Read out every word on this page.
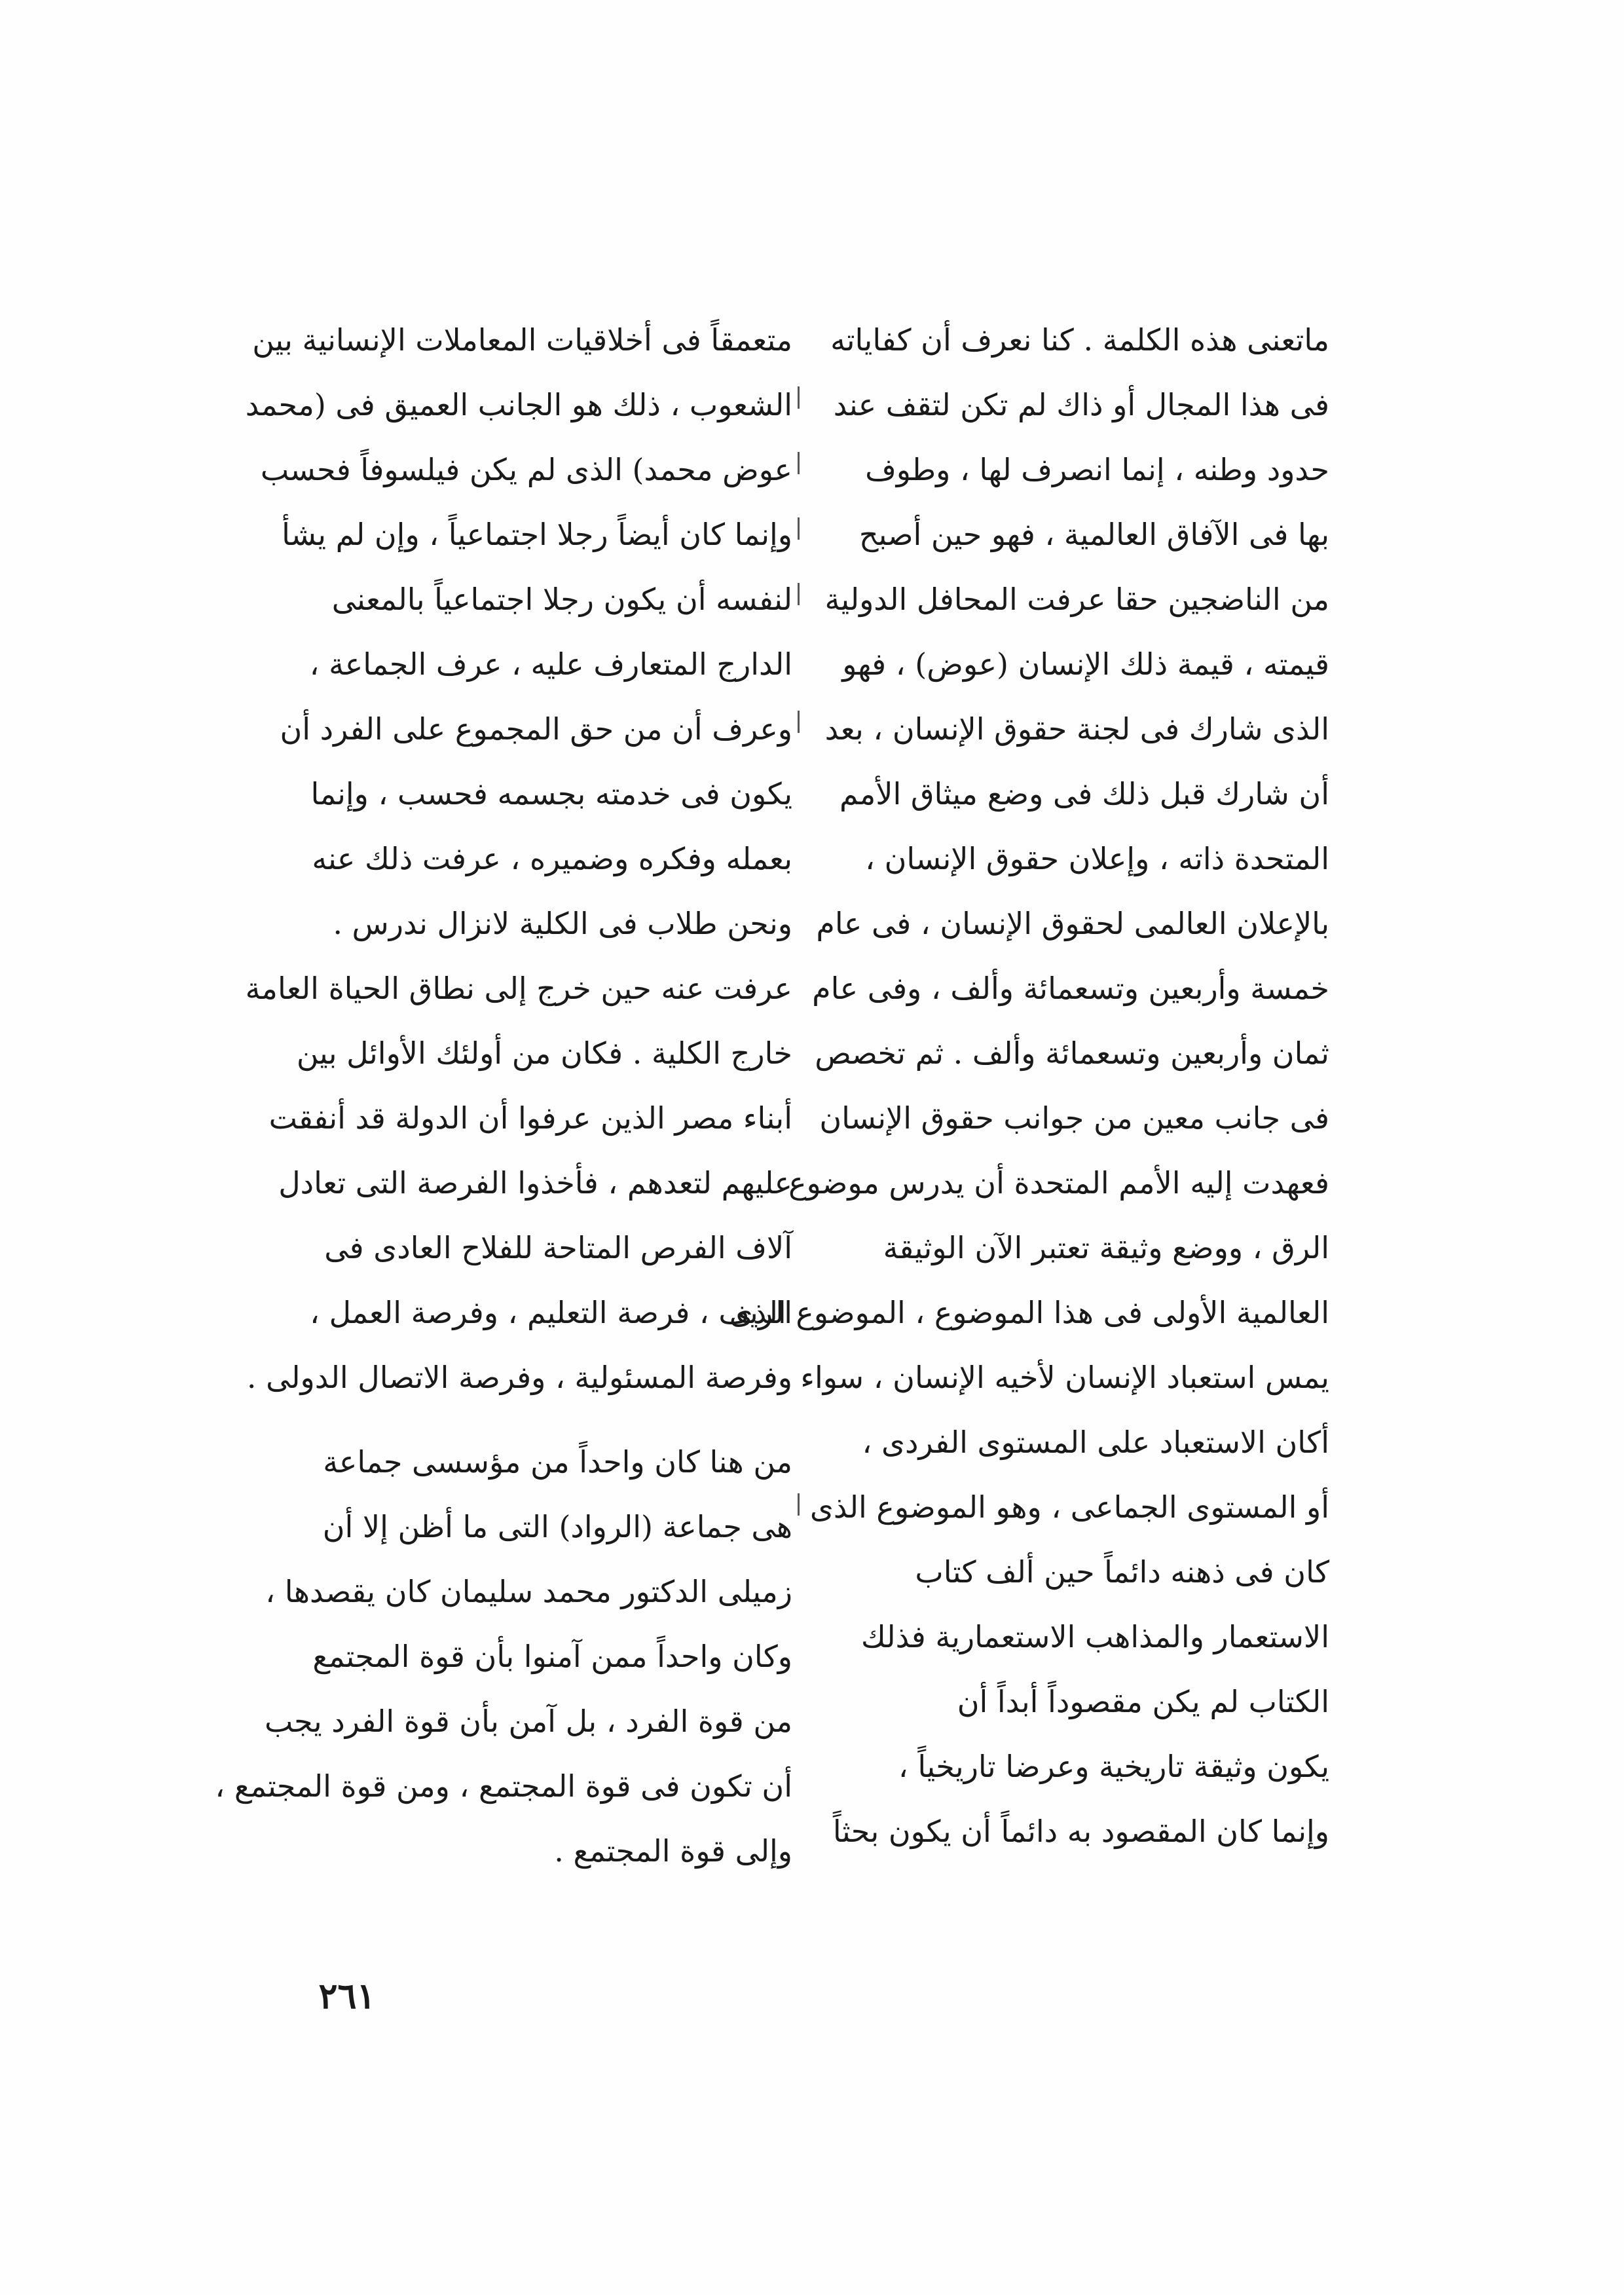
ماتعنى هذه الكلمة . كنا نعرف أن كفاياته
فى هذا المجال أو ذاك لم تكن لتقف عند
حدود وطنه ، إنما انصرف لها ، وطوف
بها فى الآفاق العالمية ، فهو حين أصبح
من الناضجين حقا عرفت المحافل الدولية
قيمته ، قيمة ذلك الإنسان (عوض) ، فهو
الذى شارك فى لجنة حقوق الإنسان ، بعد
أن شارك قبل ذلك فى وضع ميثاق الأمم
المتحدة ذاته ، وإعلان حقوق الإنسان ،
بالإعلان العالمى لحقوق الإنسان ، فى عام
خمسة وأربعين وتسعمائة وألف ، وفى عام
ثمان وأربعين وتسعمائة وألف . ثم تخصص
فى جانب معين من جوانب حقوق الإنسان
فعهدت إليه الأمم المتحدة أن يدرس موضوع
الرق ، ووضع وثيقة تعتبر الآن الوثيقة
العالمية الأولى فى هذا الموضوع ، الموضوع الذى
يمس استعباد الإنسان لأخيه الإنسان ، سواء
أكان الاستعباد على المستوى الفردى ،
أو المستوى الجماعى ، وهو الموضوع الذى
كان فى ذهنه دائماً حين ألف كتاب
الاستعمار والمذاهب الاستعمارية فذلك
الكتاب لم يكن مقصوداً أبداً أن
يكون وثيقة تاريخية وعرضا تاريخياً ،
وإنما كان المقصود به دائماً أن يكون بحثاً
متعمقاً فى أخلاقيات المعاملات الإنسانية بين
الشعوب ، ذلك هو الجانب العميق فى (محمد
عوض محمد) الذى لم يكن فيلسوفاً فحسب
وإنما كان أيضاً رجلا اجتماعياً ، وإن لم يشأ
لنفسه أن يكون رجلا اجتماعياً بالمعنى
الدارج المتعارف عليه ، عرف الجماعة ،
وعرف أن من حق المجموع على الفرد أن
يكون فى خدمته بجسمه فحسب ، وإنما
بعمله وفكره وضميره ، عرفت ذلك عنه
ونحن طلاب فى الكلية لانزال ندرس .
عرفت عنه حين خرج إلى نطاق الحياة العامة
خارج الكلية . فكان من أولئك الأوائل بين
أبناء مصر الذين عرفوا أن الدولة قد أنفقت
عليهم لتعدهم ، فأخذوا الفرصة التى تعادل
آلاف الفرص المتاحة للفلاح العادى فى
الريف ، فرصة التعليم ، وفرصة العمل ،
وفرصة المسئولية ، وفرصة الاتصال الدولى .
من هنا كان واحداً من مؤسسى جماعة
هى جماعة (الرواد) التى ما أظن إلا أن
زميلى الدكتور محمد سليمان كان يقصدها ،
وكان واحداً ممن آمنوا بأن قوة المجتمع
من قوة الفرد ، بل آمن بأن قوة الفرد يجب
أن تكون فى قوة المجتمع ، ومن قوة المجتمع ،
وإلى قوة المجتمع .
٢٦١
